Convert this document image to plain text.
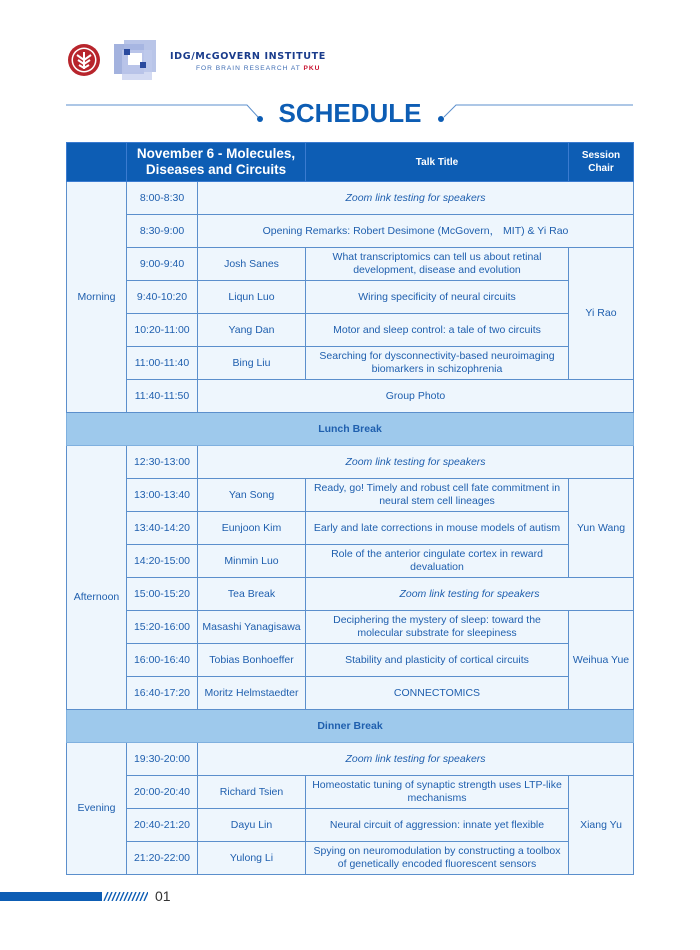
IDG/McGOVERN INSTITUTE
FOR BRAIN RESEARCH AT PKU
SCHEDULE
	November 6 - Molecules, Diseases and Circuits		Talk Title	Session Chair
Morning	8:00-8:30	Zoom link testing for speakers		
	8:30-9:00	Opening Remarks: Robert Desimone (McGovern， MIT) & Yi Rao		
	9:00-9:40	Josh Sanes	What transcriptomics can tell us about retinal development, disease and evolution	Yi Rao
	9:40-10:20	Liqun Luo	Wiring specificity of neural circuits	
	10:20-11:00	Yang Dan	Motor and sleep control: a tale of two circuits	
	11:00-11:40	Bing Liu	Searching for dysconnectivity-based neuroimaging biomarkers in schizophrenia	
	11:40-11:50	Group Photo		
Lunch Break				
Afternoon	12:30-13:00	Zoom link testing for speakers		
	13:00-13:40	Yan Song	Ready, go! Timely and robust cell fate commitment in neural stem cell lineages	Yun Wang
	13:40-14:20	Eunjoon Kim	Early and late corrections in mouse models of autism	
	14:20-15:00	Minmin Luo	Role of the anterior cingulate cortex in reward devaluation	
	15:00-15:20	Tea Break	Zoom link testing for speakers	
	15:20-16:00	Masashi Yanagisawa	Deciphering the mystery of sleep: toward the molecular substrate for sleepiness	Weihua Yue
	16:00-16:40	Tobias Bonhoeffer	Stability and plasticity of cortical circuits	
	16:40-17:20	Moritz Helmstaedter	CONNECTOMICS	
Dinner Break				
Evening	19:30-20:00	Zoom link testing for speakers		
	20:00-20:40	Richard Tsien	Homeostatic tuning of synaptic strength uses LTP-like mechanisms	Xiang Yu
	20:40-21:20	Dayu Lin	Neural circuit of aggression: innate yet flexible	
	21:20-22:00	Yulong Li	Spying on neuromodulation by constructing a toolbox of genetically encoded fluorescent sensors	
01
